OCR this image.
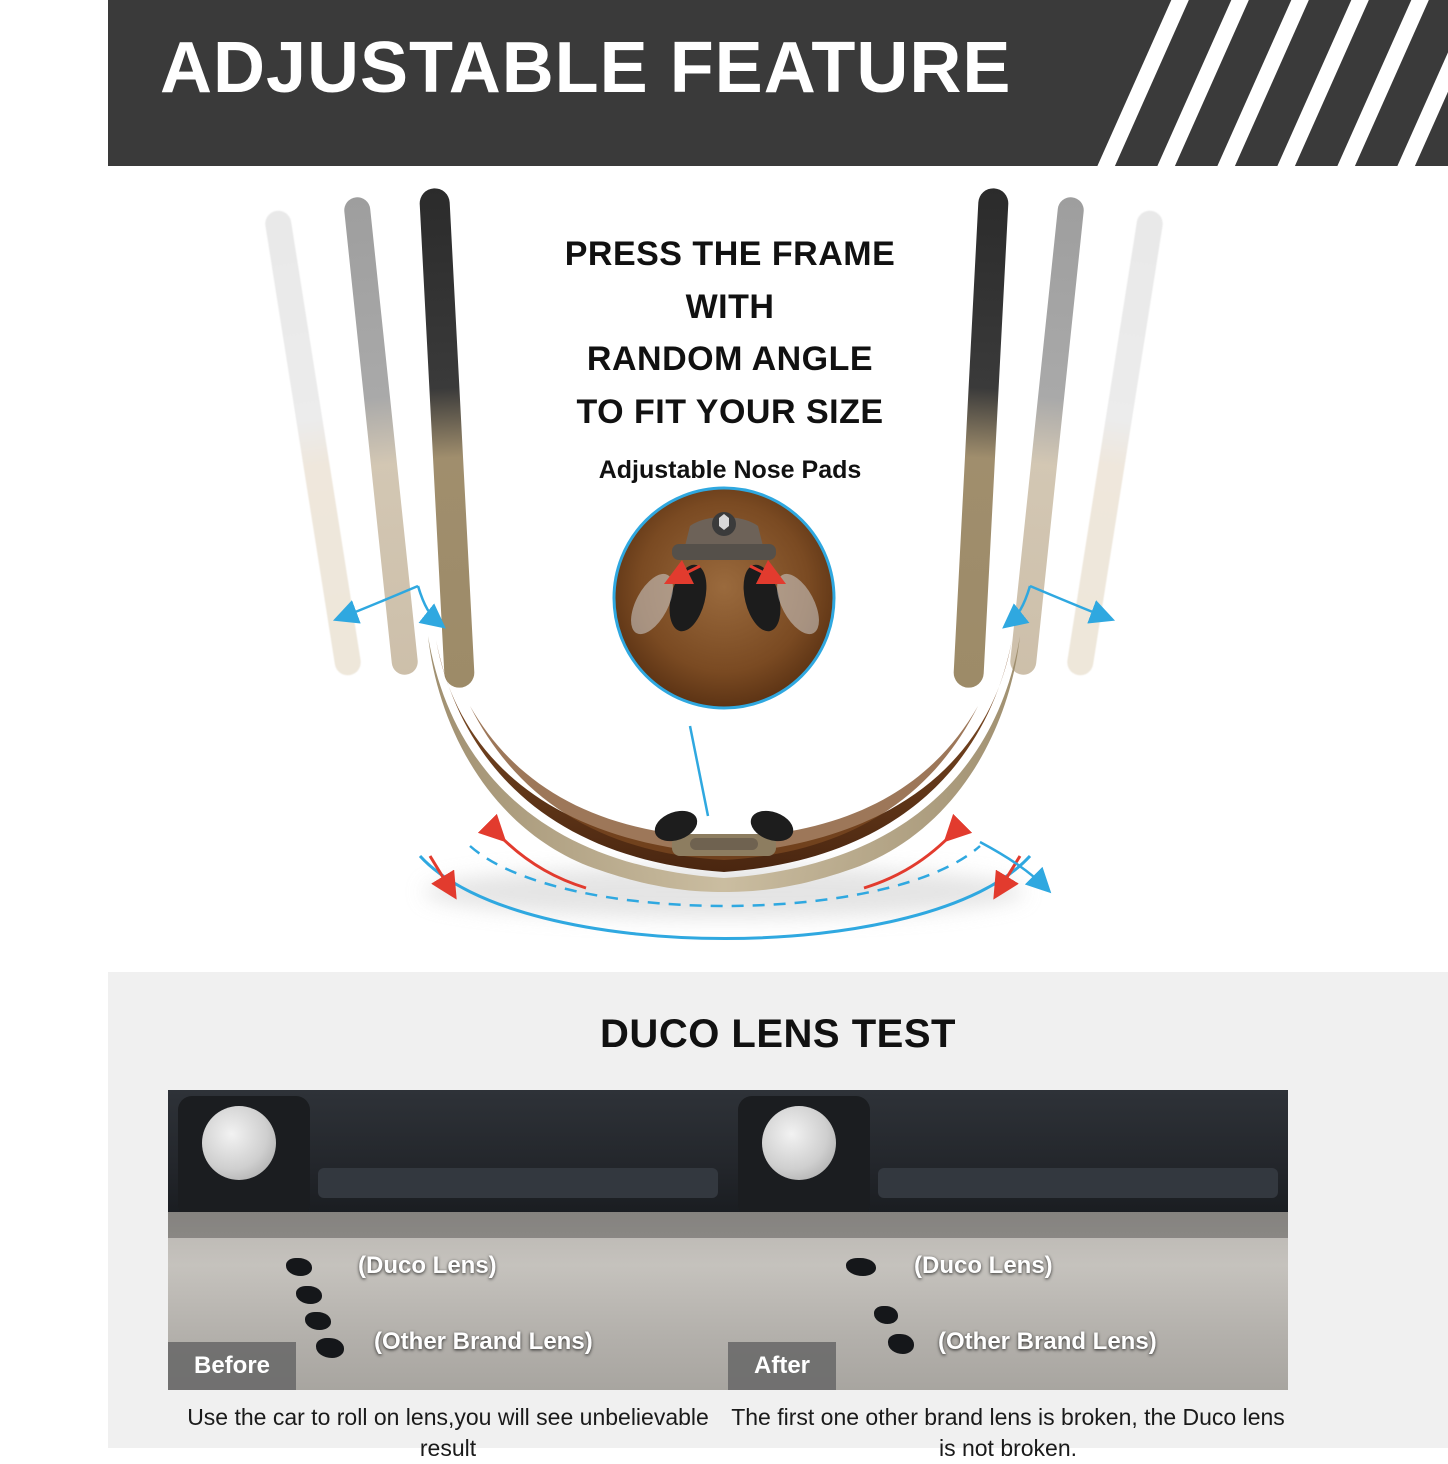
ADJUSTABLE FEATURE
PRESS THE FRAME WITH
RANDOM ANGLE
TO FIT YOUR SIZE
Adjustable Nose Pads
DUCO LENS TEST
(Duco Lens)
(Other Brand Lens)
Before
(Duco Lens)
(Other Brand Lens)
After
Use the car to roll on lens,you will see unbelievable result
The first one other brand lens is broken, the Duco lens is not broken.
